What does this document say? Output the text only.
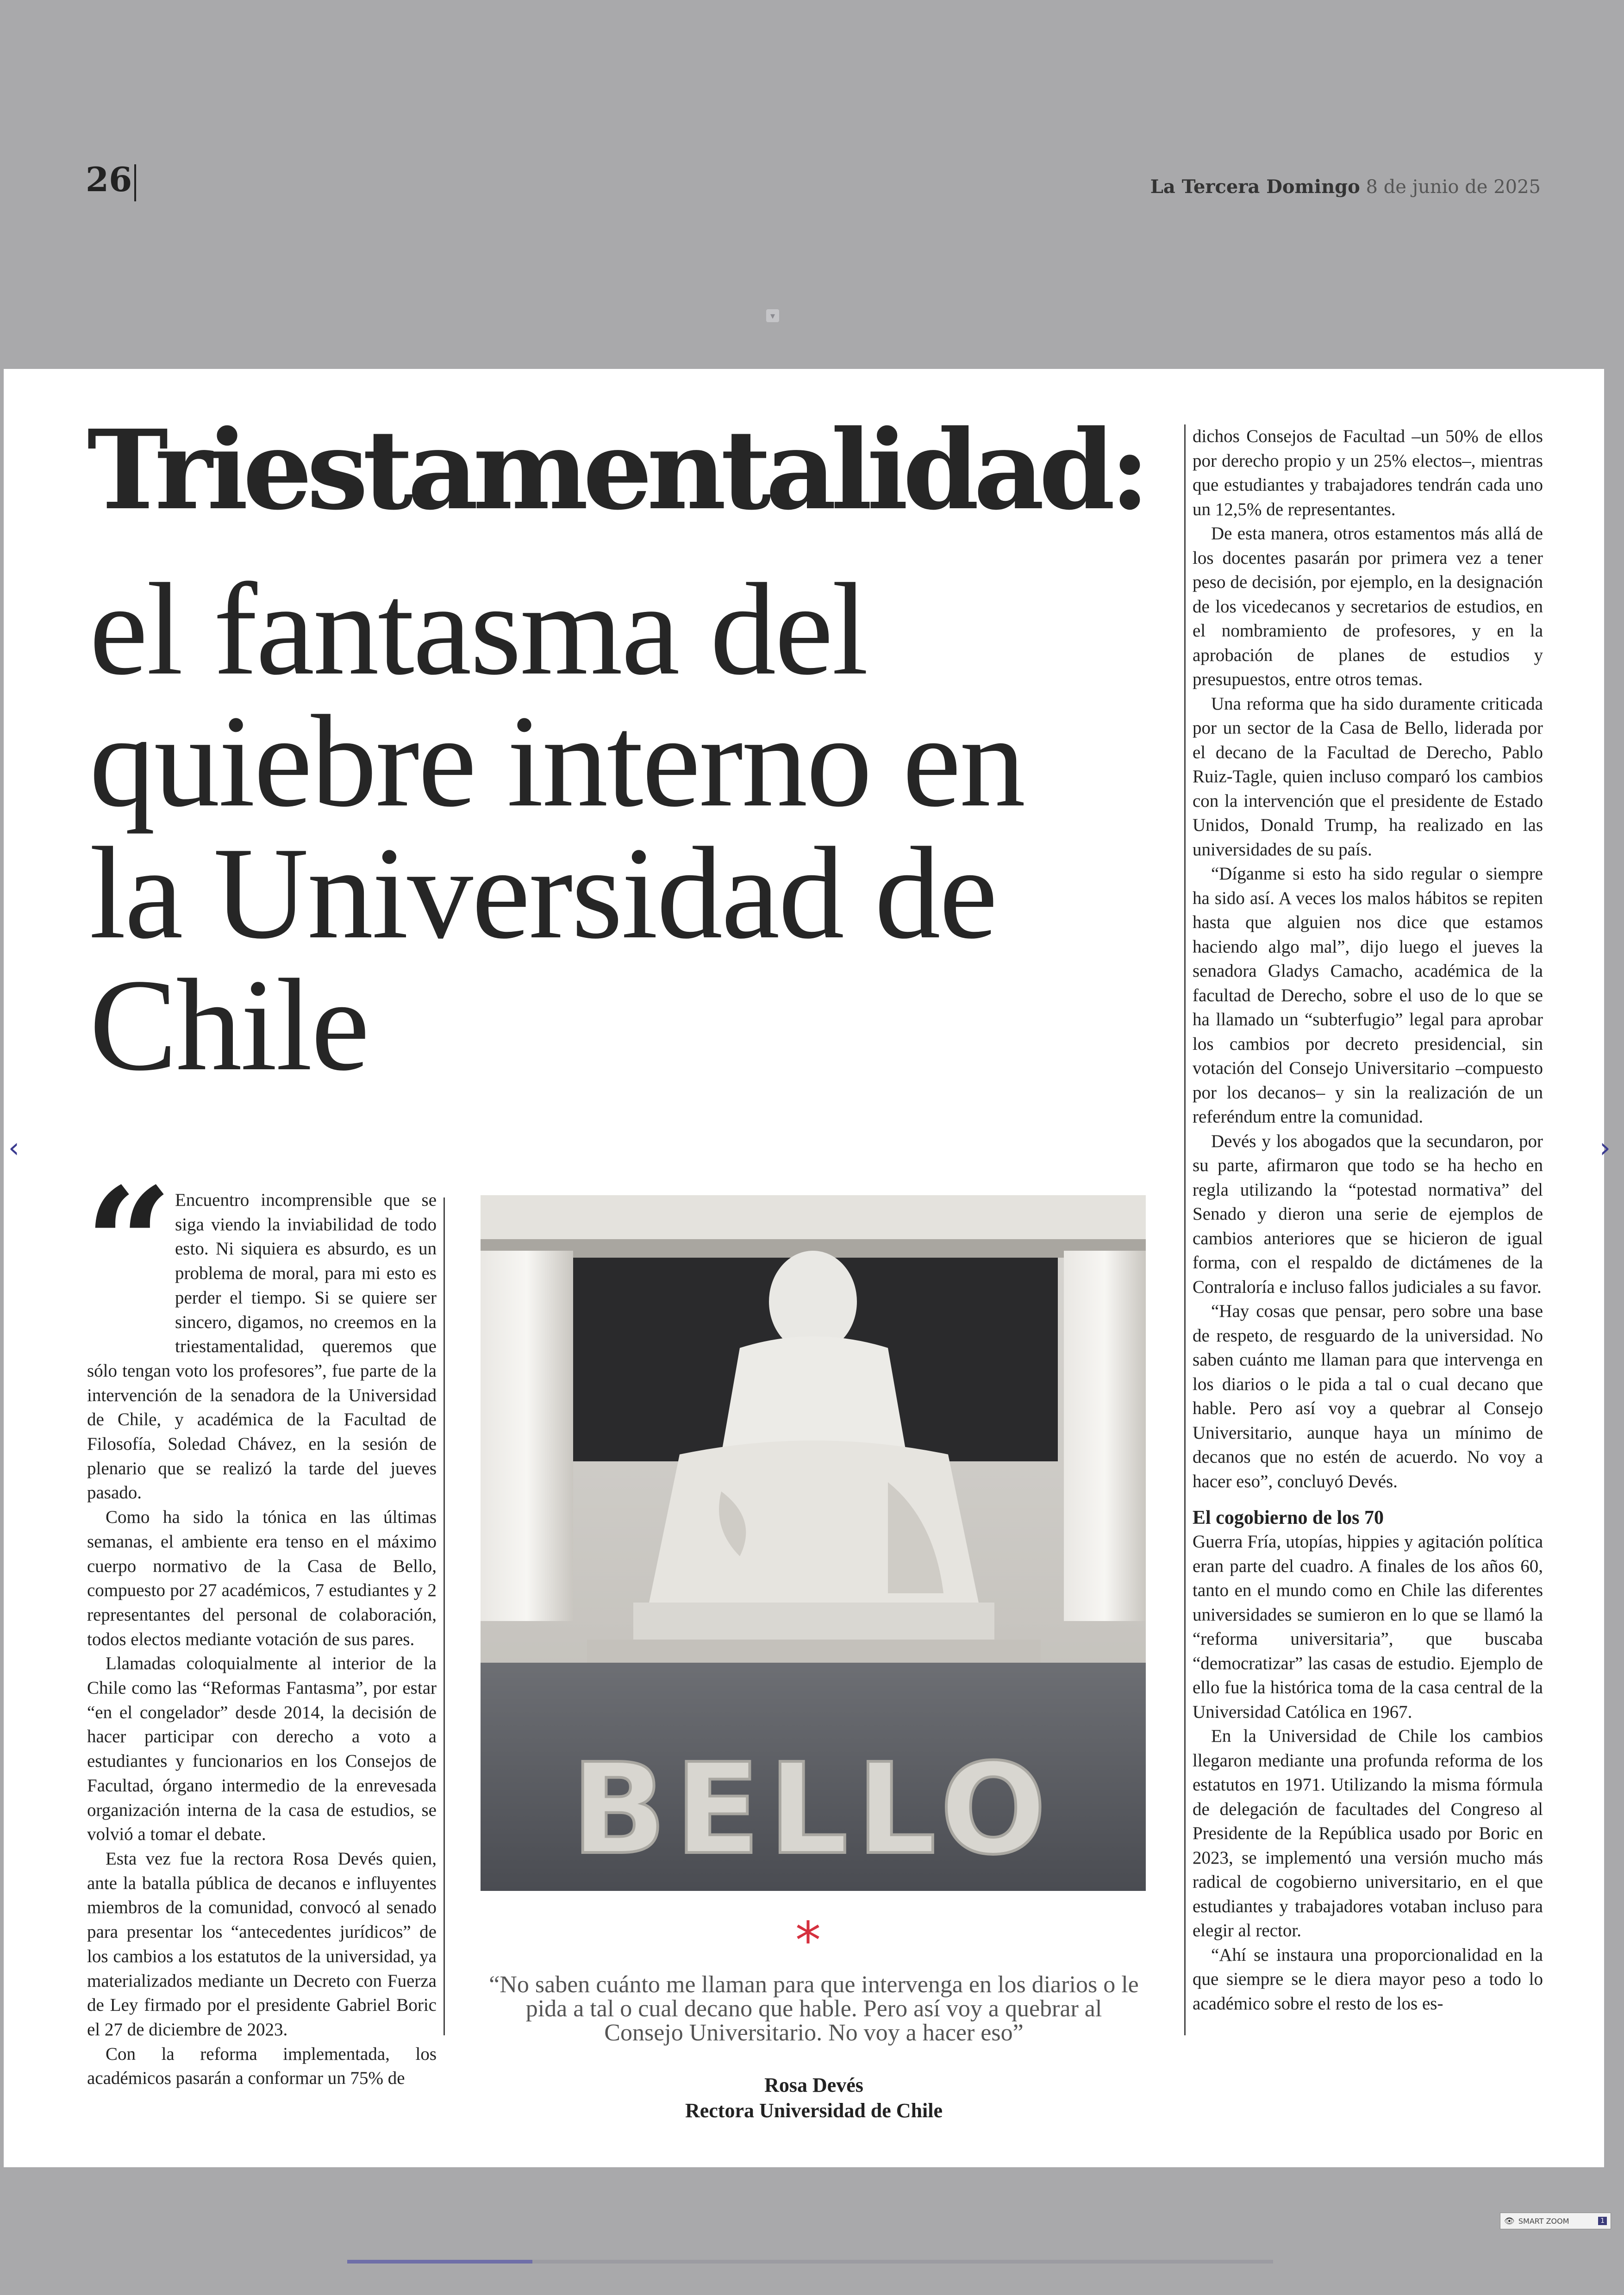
26	La Tercera Domingo 8 de junio de 2025
▾
Triestamentalidad:
el fantasma del quiebre interno en la Universidad de Chile
“ Encuentro incomprensible que se siga viendo la inviabilidad de todo esto. Ni siquiera es absurdo, es un problema de moral, para mi esto es perder el tiempo. Si se quiere ser sincero, digamos, no creemos en la triestamentalidad, queremos que sólo tengan voto los profesores”, fue parte de la intervención de la senadora de la Universidad de Chile, y académica de la Facultad de Filosofía, Soledad Chávez, en la sesión de plenario que se realizó la tarde del jueves pasado.

Como ha sido la tónica en las últimas semanas, el ambiente era tenso en el máximo cuerpo normativo de la Casa de Bello, compuesto por 27 académicos, 7 estudiantes y 2 representantes del personal de colaboración, todos electos mediante votación de sus pares.

Llamadas coloquialmente al interior de la Chile como las “Reformas Fantasma”, por estar “en el congelador” desde 2014, la decisión de hacer participar con derecho a voto a estudiantes y funcionarios en los Consejos de Facultad, órgano intermedio de la enrevesada organización interna de la casa de estudios, se volvió a tomar el debate.

Esta vez fue la rectora Rosa Devés quien, ante la batalla pública de decanos e influyentes miembros de la comunidad, convocó al senado para presentar los “antecedentes jurídicos” de los cambios a los estatutos de la universidad, ya materializados mediante un Decreto con Fuerza de Ley firmado por el presidente Gabriel Boric el 27 de diciembre de 2023.

Con la reforma implementada, los académicos pasarán a conformar un 75% de

BELLO
*
“No saben cuánto me llaman para que intervenga en los diarios o le pida a tal o cual decano que hable. Pero así voy a quebrar al Consejo Universitario. No voy a hacer eso”
Rosa Devés
Rectora Universidad de Chile

dichos Consejos de Facultad –un 50% de ellos por derecho propio y un 25% electos–, mientras que estudiantes y trabajadores tendrán cada uno un 12,5% de representantes.

De esta manera, otros estamentos más allá de los docentes pasarán por primera vez a tener peso de decisión, por ejemplo, en la designación de los vicedecanos y secretarios de estudios, en el nombramiento de profesores, y en la aprobación de planes de estudios y presupuestos, entre otros temas.

Una reforma que ha sido duramente criticada por un sector de la Casa de Bello, liderada por el decano de la Facultad de Derecho, Pablo Ruiz-Tagle, quien incluso comparó los cambios con la intervención que el presidente de Estado Unidos, Donald Trump, ha realizado en las universidades de su país.

“Díganme si esto ha sido regular o siempre ha sido así. A veces los malos hábitos se repiten hasta que alguien nos dice que estamos haciendo algo mal”, dijo luego el jueves la senadora Gladys Camacho, académica de la facultad de Derecho, sobre el uso de lo que se ha llamado un “subterfugio” legal para aprobar los cambios por decreto presidencial, sin votación del Consejo Universitario –compuesto por los decanos– y sin la realización de un referéndum entre la comunidad.

Devés y los abogados que la secundaron, por su parte, afirmaron que todo se ha hecho en regla utilizando la “potestad normativa” del Senado y dieron una serie de ejemplos de cambios anteriores que se hicieron de igual forma, con el respaldo de dictámenes de la Contraloría e incluso fallos judiciales a su favor.

“Hay cosas que pensar, pero sobre una base de respeto, de resguardo de la universidad. No saben cuánto me llaman para que intervenga en los diarios o le pida a tal o cual decano que hable. Pero así voy a quebrar al Consejo Universitario, aunque haya un mínimo de decanos que no estén de acuerdo. No voy a hacer eso”, concluyó Devés.

El cogobierno de los 70

Guerra Fría, utopías, hippies y agitación política eran parte del cuadro. A finales de los años 60, tanto en el mundo como en Chile las diferentes universidades se sumieron en lo que se llamó la “reforma universitaria”, que buscaba “democratizar” las casas de estudio. Ejemplo de ello fue la histórica toma de la casa central de la Universidad Católica en 1967.

En la Universidad de Chile los cambios llegaron mediante una profunda reforma de los estatutos en 1971. Utilizando la misma fórmula de delegación de facultades del Congreso al Presidente de la República usado por Boric en 2023, se implementó una versión mucho más radical de cogobierno universitario, en el que estudiantes y trabajadores votaban incluso para elegir al rector.

“Ahí se instaura una proporcionalidad en la que siempre se le diera mayor peso a todo lo académico sobre el resto de los es-

‹	›
👁 SMART ZOOM	1
